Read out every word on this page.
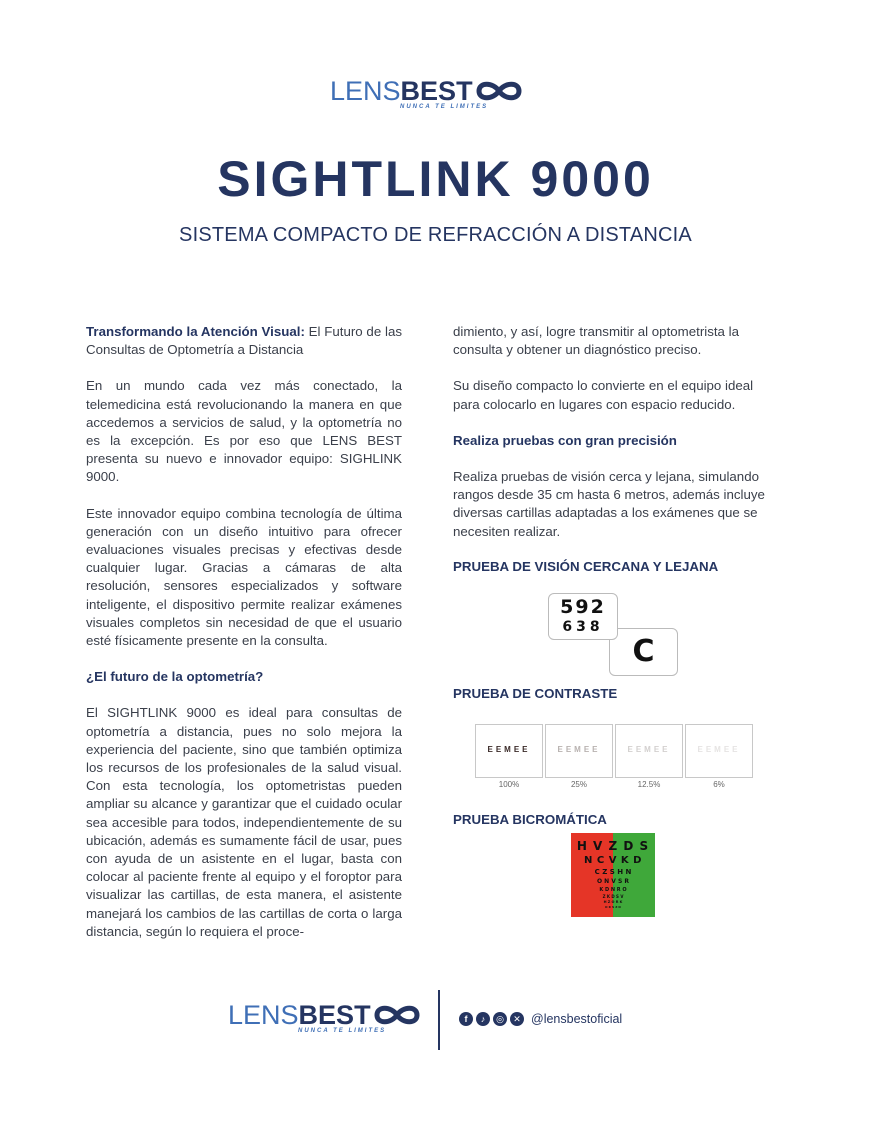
LENSBEST
NUNCA TE LIMITES
SIGHTLINK 9000
SISTEMA COMPACTO DE REFRACCIÓN A DISTANCIA

Transformando la Atención Visual: El Futuro de las Consultas de Optometría a Distancia

En un mundo cada vez más conectado, la telemedicina está revolucionando la manera en que accedemos a servicios de salud, y la optometría no es la excepción. Es por eso que LENS BEST presenta su nuevo e innovador equipo: SIGHLINK 9000.

Este innovador equipo combina tecnología de última generación con un diseño intuitivo para ofrecer evaluaciones visuales precisas y efectivas desde cualquier lugar. Gracias a cámaras de alta resolución, sensores especializados y software inteligente, el dispositivo permite realizar exámenes visuales completos sin necesidad de que el usuario esté físicamente presente en la consulta.

¿El futuro de la optometría?

El SIGHTLINK 9000 es ideal para consultas de optometría a distancia, pues no solo mejora la experiencia del paciente, sino que también optimiza los recursos de los profesionales de la salud visual. Con esta tecnología, los optometristas pueden ampliar su alcance y garantizar que el cuidado ocular sea accesible para todos, independientemente de su ubicación, además es sumamente fácil de usar, pues con ayuda de un asistente en el lugar, basta con colocar al paciente frente al equipo y el foroptor para visualizar las cartillas, de esta manera, el asistente manejará los cambios de las cartillas de corta o larga distancia, según lo requiera el proce-

dimiento, y así, logre transmitir al optometrista la consulta y obtener un diagnóstico preciso.

Su diseño compacto lo convierte en el equipo ideal para colocarlo en lugares con espacio reducido.

Realiza pruebas con gran precisión

Realiza pruebas de visión cerca y lejana, simulando rangos desde 35 cm hasta 6 metros, además incluye diversas cartillas adaptadas a los exámenes que se necesiten realizar.

PRUEBA DE VISIÓN CERCANA Y LEJANA
C
592
638
PRUEBA DE CONTRASTE
EEMEE	EEMEE	EEMEE	EEMEE
100%	25%	12.5%	6%
PRUEBA BICROMÁTICA
H V Z D S
N C V K D
C Z S H N
O N V S R
K D N R O
Z K D S V
H Z O R K
O K S Z D
LENSBEST
NUNCA TE LIMITES
f	♪	◎	✕ @lensbestoficial
